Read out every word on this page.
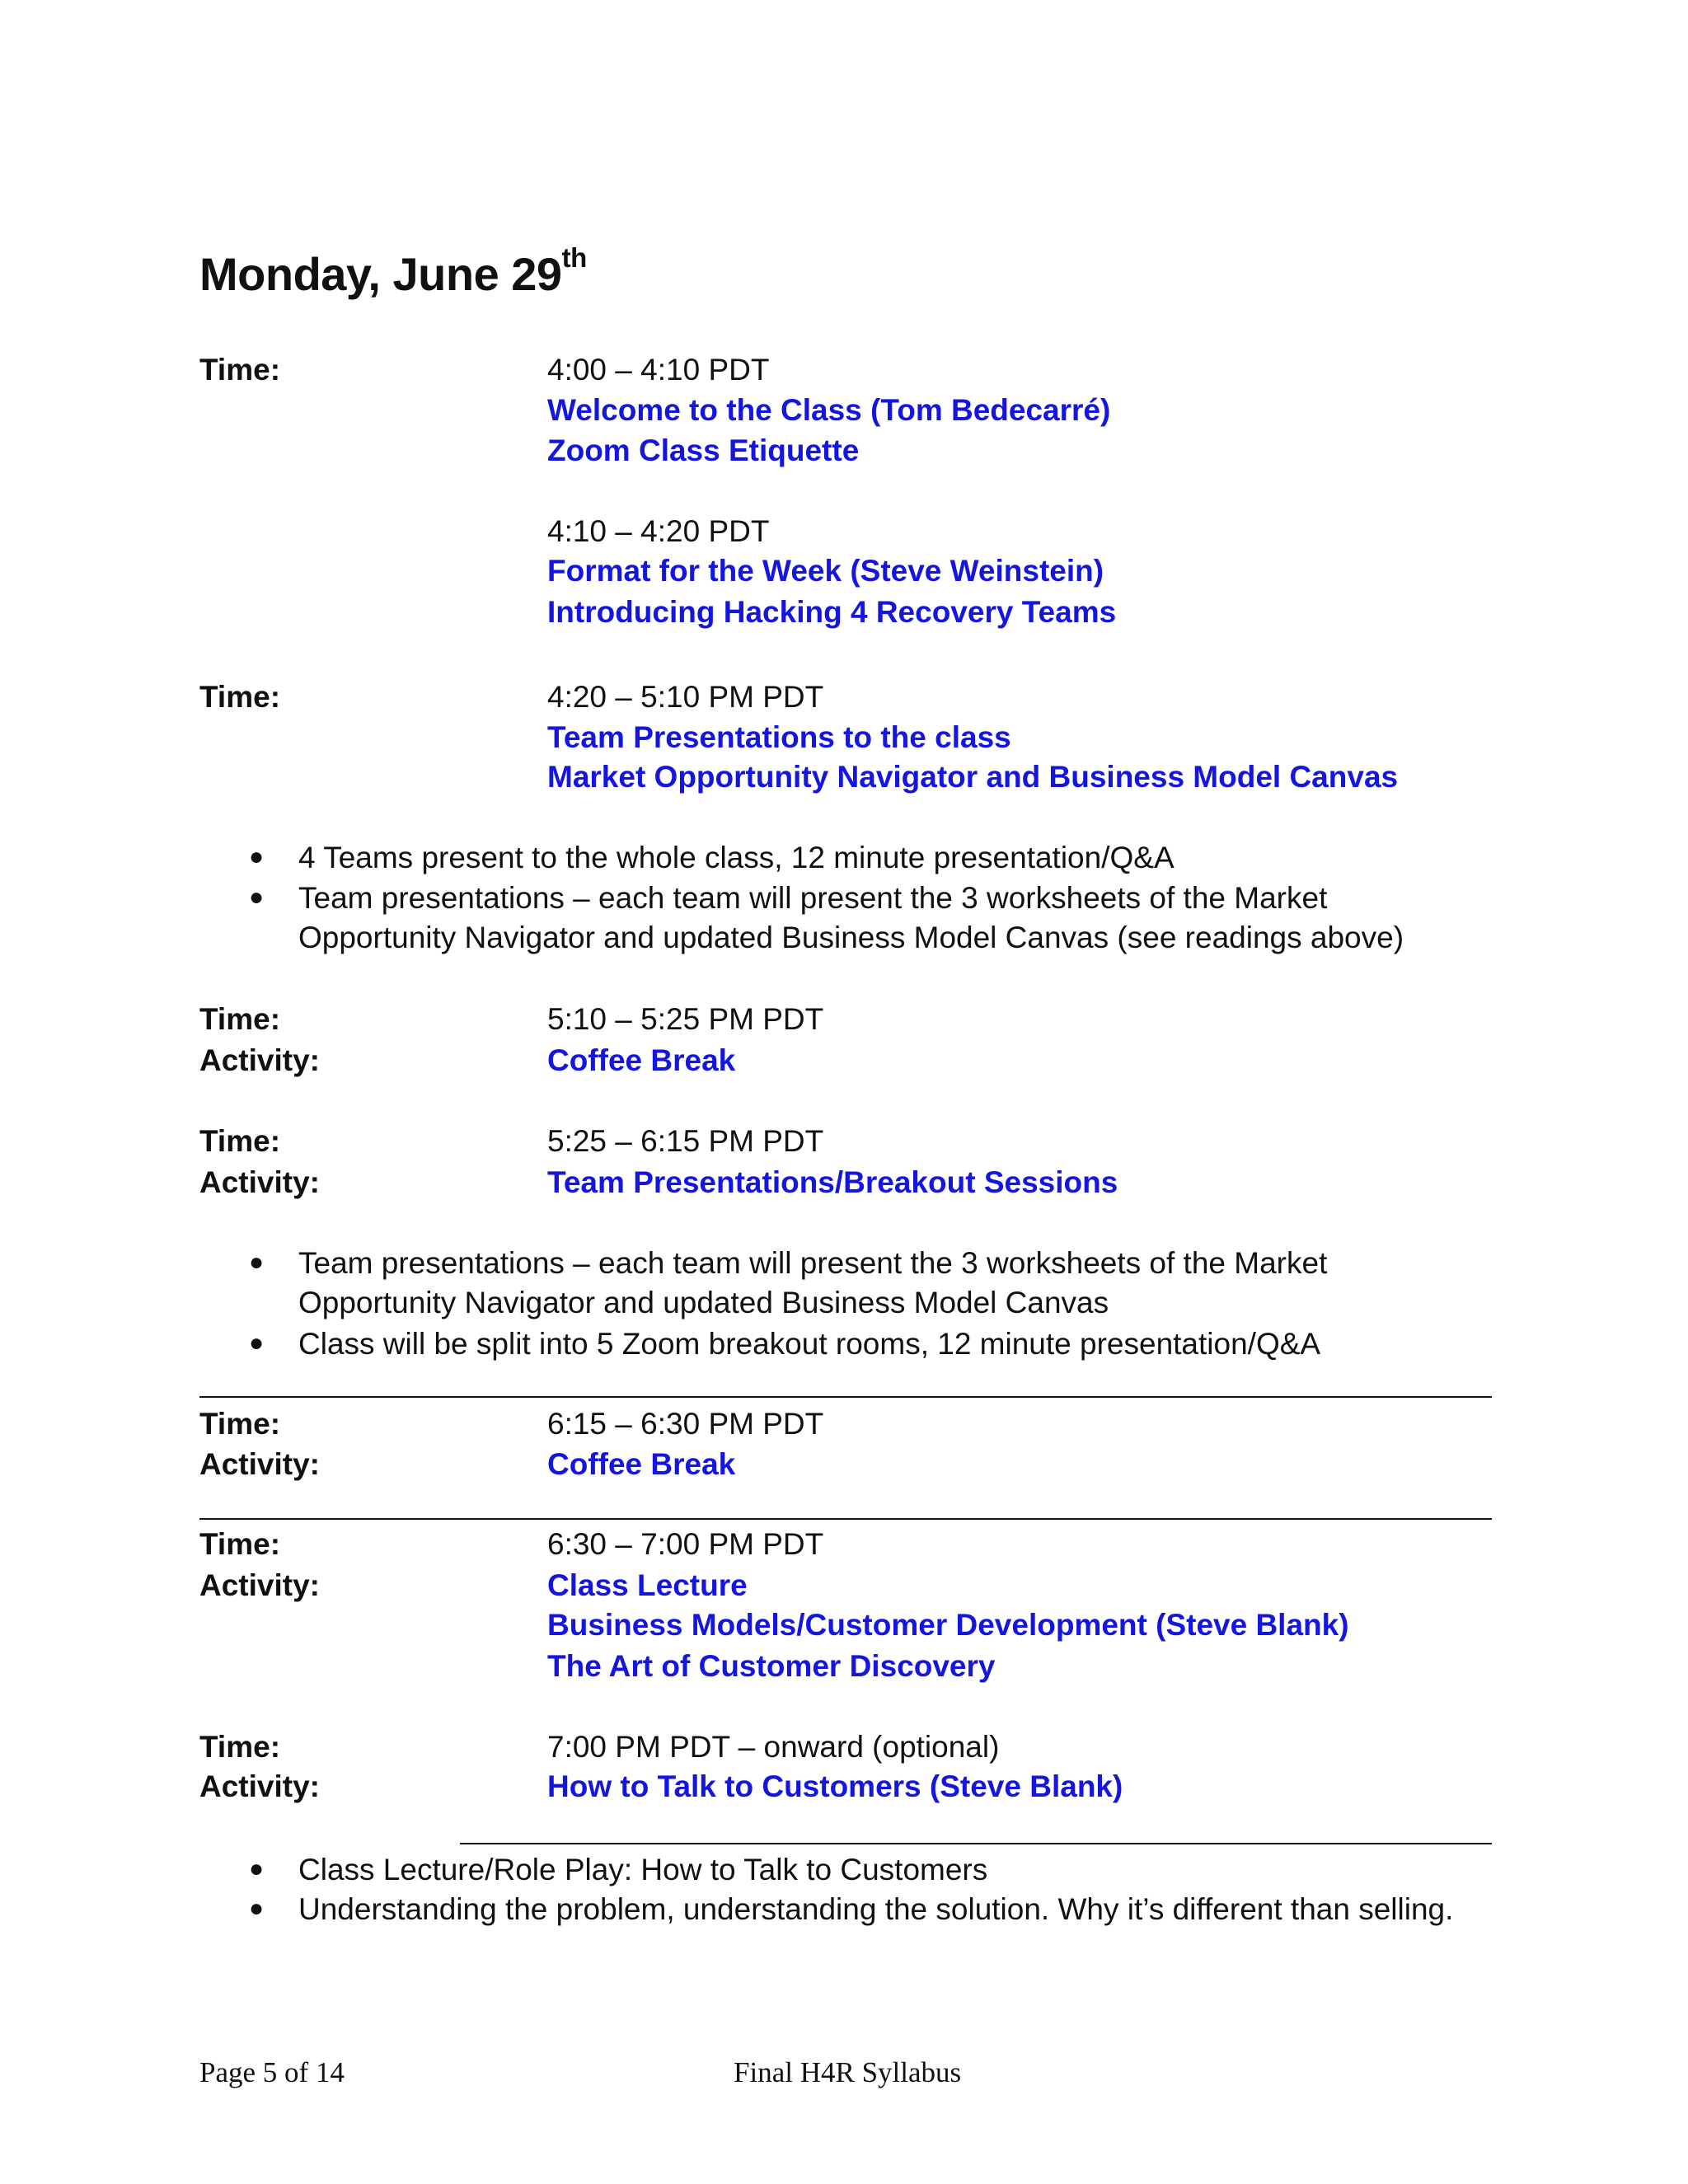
Monday, June 29th
Time:	4:00 – 4:10 PDT
Welcome to the Class (Tom Bedecarré)
Zoom Class Etiquette
4:10 – 4:20 PDT
Format for the Week (Steve Weinstein)
Introducing Hacking 4 Recovery Teams
Time:	4:20 – 5:10 PM PDT
Team Presentations to the class
Market Opportunity Navigator and Business Model Canvas
● 4 Teams present to the whole class, 12 minute presentation/Q&A
● Team presentations – each team will present the 3 worksheets of the Market
Opportunity Navigator and updated Business Model Canvas (see readings above)
Time:	5:10 – 5:25 PM PDT
Activity:	Coffee Break
Time:	5:25 – 6:15 PM PDT
Activity:	Team Presentations/Breakout Sessions
● Team presentations – each team will present the 3 worksheets of the Market
Opportunity Navigator and updated Business Model Canvas
● Class will be split into 5 Zoom breakout rooms, 12 minute presentation/Q&A
Time:	6:15 – 6:30 PM PDT
Activity:	Coffee Break
Time:	6:30 – 7:00 PM PDT
Activity:	Class Lecture
Business Models/Customer Development (Steve Blank)
The Art of Customer Discovery
Time:	7:00 PM PDT – onward (optional)
Activity:	How to Talk to Customers (Steve Blank)
● Class Lecture/Role Play: How to Talk to Customers
● Understanding the problem, understanding the solution. Why it’s different than selling.
Page 5 of 14	Final H4R Syllabus
